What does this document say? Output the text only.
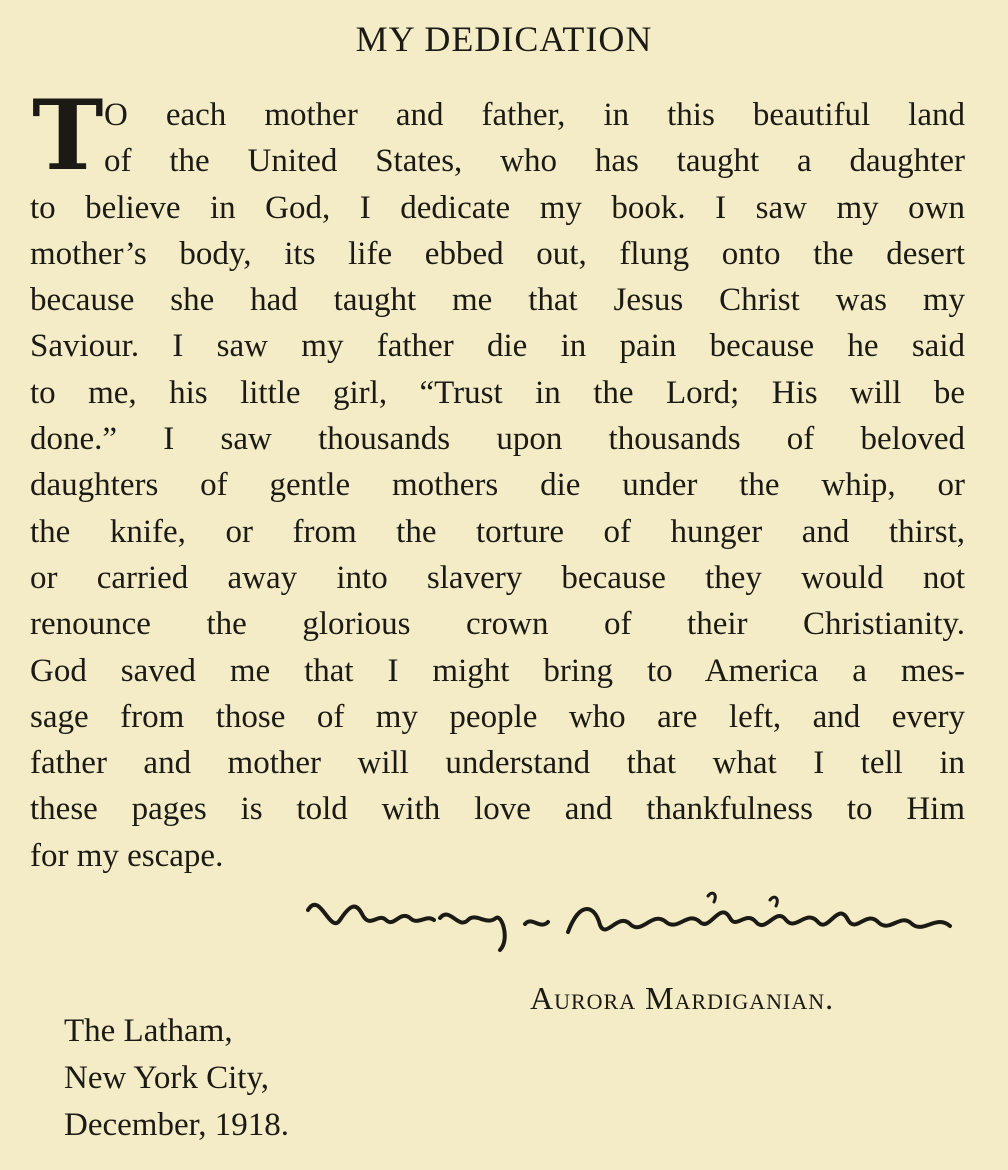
MY DEDICATION
T O each mother and father, in this beautiful land
of the United States, who has taught a daughter
to believe in God, I dedicate my book. I saw my own
mother’s body, its life ebbed out, flung onto the desert
because she had taught me that Jesus Christ was my
Saviour. I saw my father die in pain because he said
to me, his little girl, “Trust in the Lord; His will be
done.” I saw thousands upon thousands of beloved
daughters of gentle mothers die under the whip, or
the knife, or from the torture of hunger and thirst,
or carried away into slavery because they would not
renounce the glorious crown of their Christianity.
God saved me that I might bring to America a mes-
sage from those of my people who are left, and every
father and mother will understand that what I tell in
these pages is told with love and thankfulness to Him
for my escape.
Aurora Mardiganian.
The Latham,
New York City,
December, 1918.
